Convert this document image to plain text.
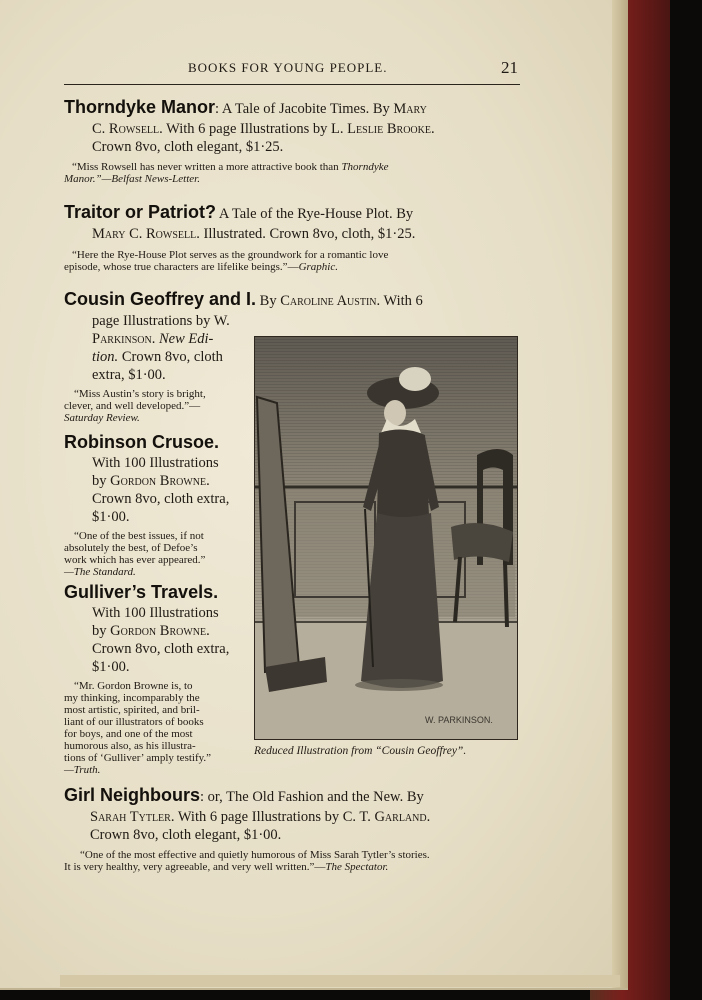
BOOKS FOR YOUNG PEOPLE.	21
Thorndyke Manor: A Tale of Jacobite Times. By Mary
C. Rowsell. With 6 page Illustrations by L. Leslie Brooke.
Crown 8vo, cloth elegant, $1·25.
“Miss Rowsell has never written a more attractive book than Thorndyke
Manor.”—Belfast News-Letter.
Traitor or Patriot? A Tale of the Rye-House Plot. By
Mary C. Rowsell. Illustrated. Crown 8vo, cloth, $1·25.
“Here the Rye-House Plot serves as the groundwork for a romantic love
episode, whose true characters are lifelike beings.”—Graphic.
Cousin Geoffrey and I. By Caroline Austin. With 6
page Illustrations by W.
Parkinson. New Edi-
tion. Crown 8vo, cloth
extra, $1·00.
“Miss Austin’s story is bright,
clever, and well developed.”—
Saturday Review.
Robinson Crusoe.
With 100 Illustrations
by Gordon Browne.
Crown 8vo, cloth extra,
$1·00.
“One of the best issues, if not
absolutely the best, of Defoe’s
work which has ever appeared.”
—The Standard.
Gulliver’s Travels.
With 100 Illustrations
by Gordon Browne.
Crown 8vo, cloth extra,
$1·00.
“Mr. Gordon Browne is, to
my thinking, incomparably the
most artistic, spirited, and bril-
liant of our illustrators of books
for boys, and one of the most
humorous also, as his illustra-
tions of ‘Gulliver’ amply testify.”
—Truth.
W. PARKINSON.
Reduced Illustration from “Cousin Geoffrey”.
Girl Neighbours: or, The Old Fashion and the New. By
Sarah Tytler. With 6 page Illustrations by C. T. Garland.
Crown 8vo, cloth elegant, $1·00.
“One of the most effective and quietly humorous of Miss Sarah Tytler’s stories.
It is very healthy, very agreeable, and very well written.”—The Spectator.
